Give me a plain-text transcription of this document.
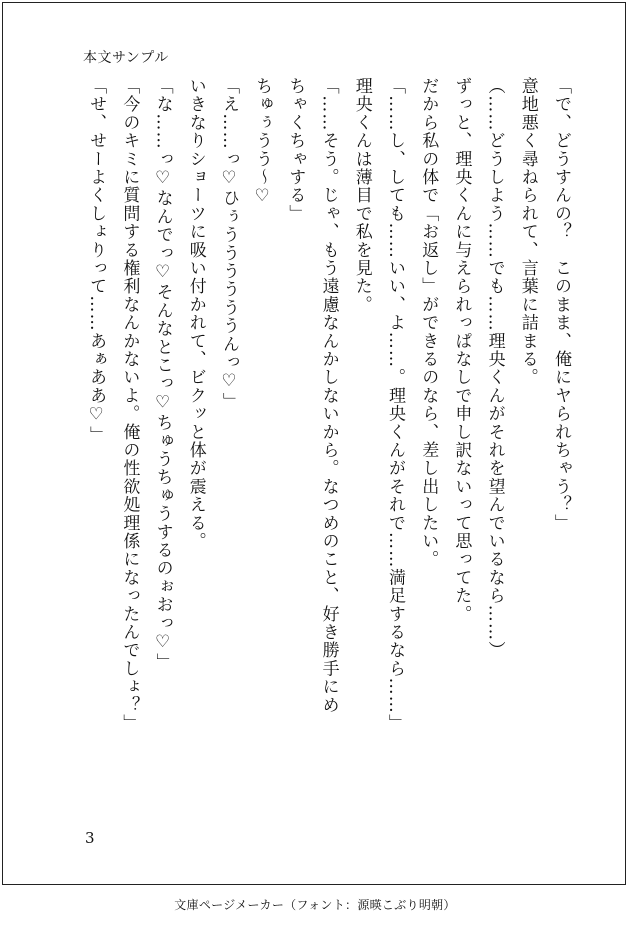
本文サンプル
「で、どうすんの？　このまま、俺にヤられちゃう？」
意地悪く尋ねられて、言葉に詰まる。
（……どうしよう……でも……理央くんがそれを望んでいるなら……）
ずっと、理央くんに与えられっぱなしで申し訳ないって思ってた。
だから私の体で「お返し」ができるのなら、差し出したい。
「……し、しても……いい、よ……。理央くんがそれで……満足するなら……」
理央くんは薄目で私を見た。
「……そう。じゃ、もう遠慮なんかしないから。なつめのこと、好き勝手にめ
ちゃくちゃする」
ちゅぅうう〜♡
「え……っ♡ひぅううううううんっ♡」
いきなりショーツに吸い付かれて、ビクッと体が震える。
「な……っ♡なんでっ♡そんなとこっ♡ちゅうちゅうするのぉおっ♡」
「今のキミに質問する権利なんかないよ。俺の性欲処理係になったんでしょ？」
「せ、せーよくしょりって……あぁああ♡」
3
文庫ページメーカー（フォント：源暎こぶり明朝）
